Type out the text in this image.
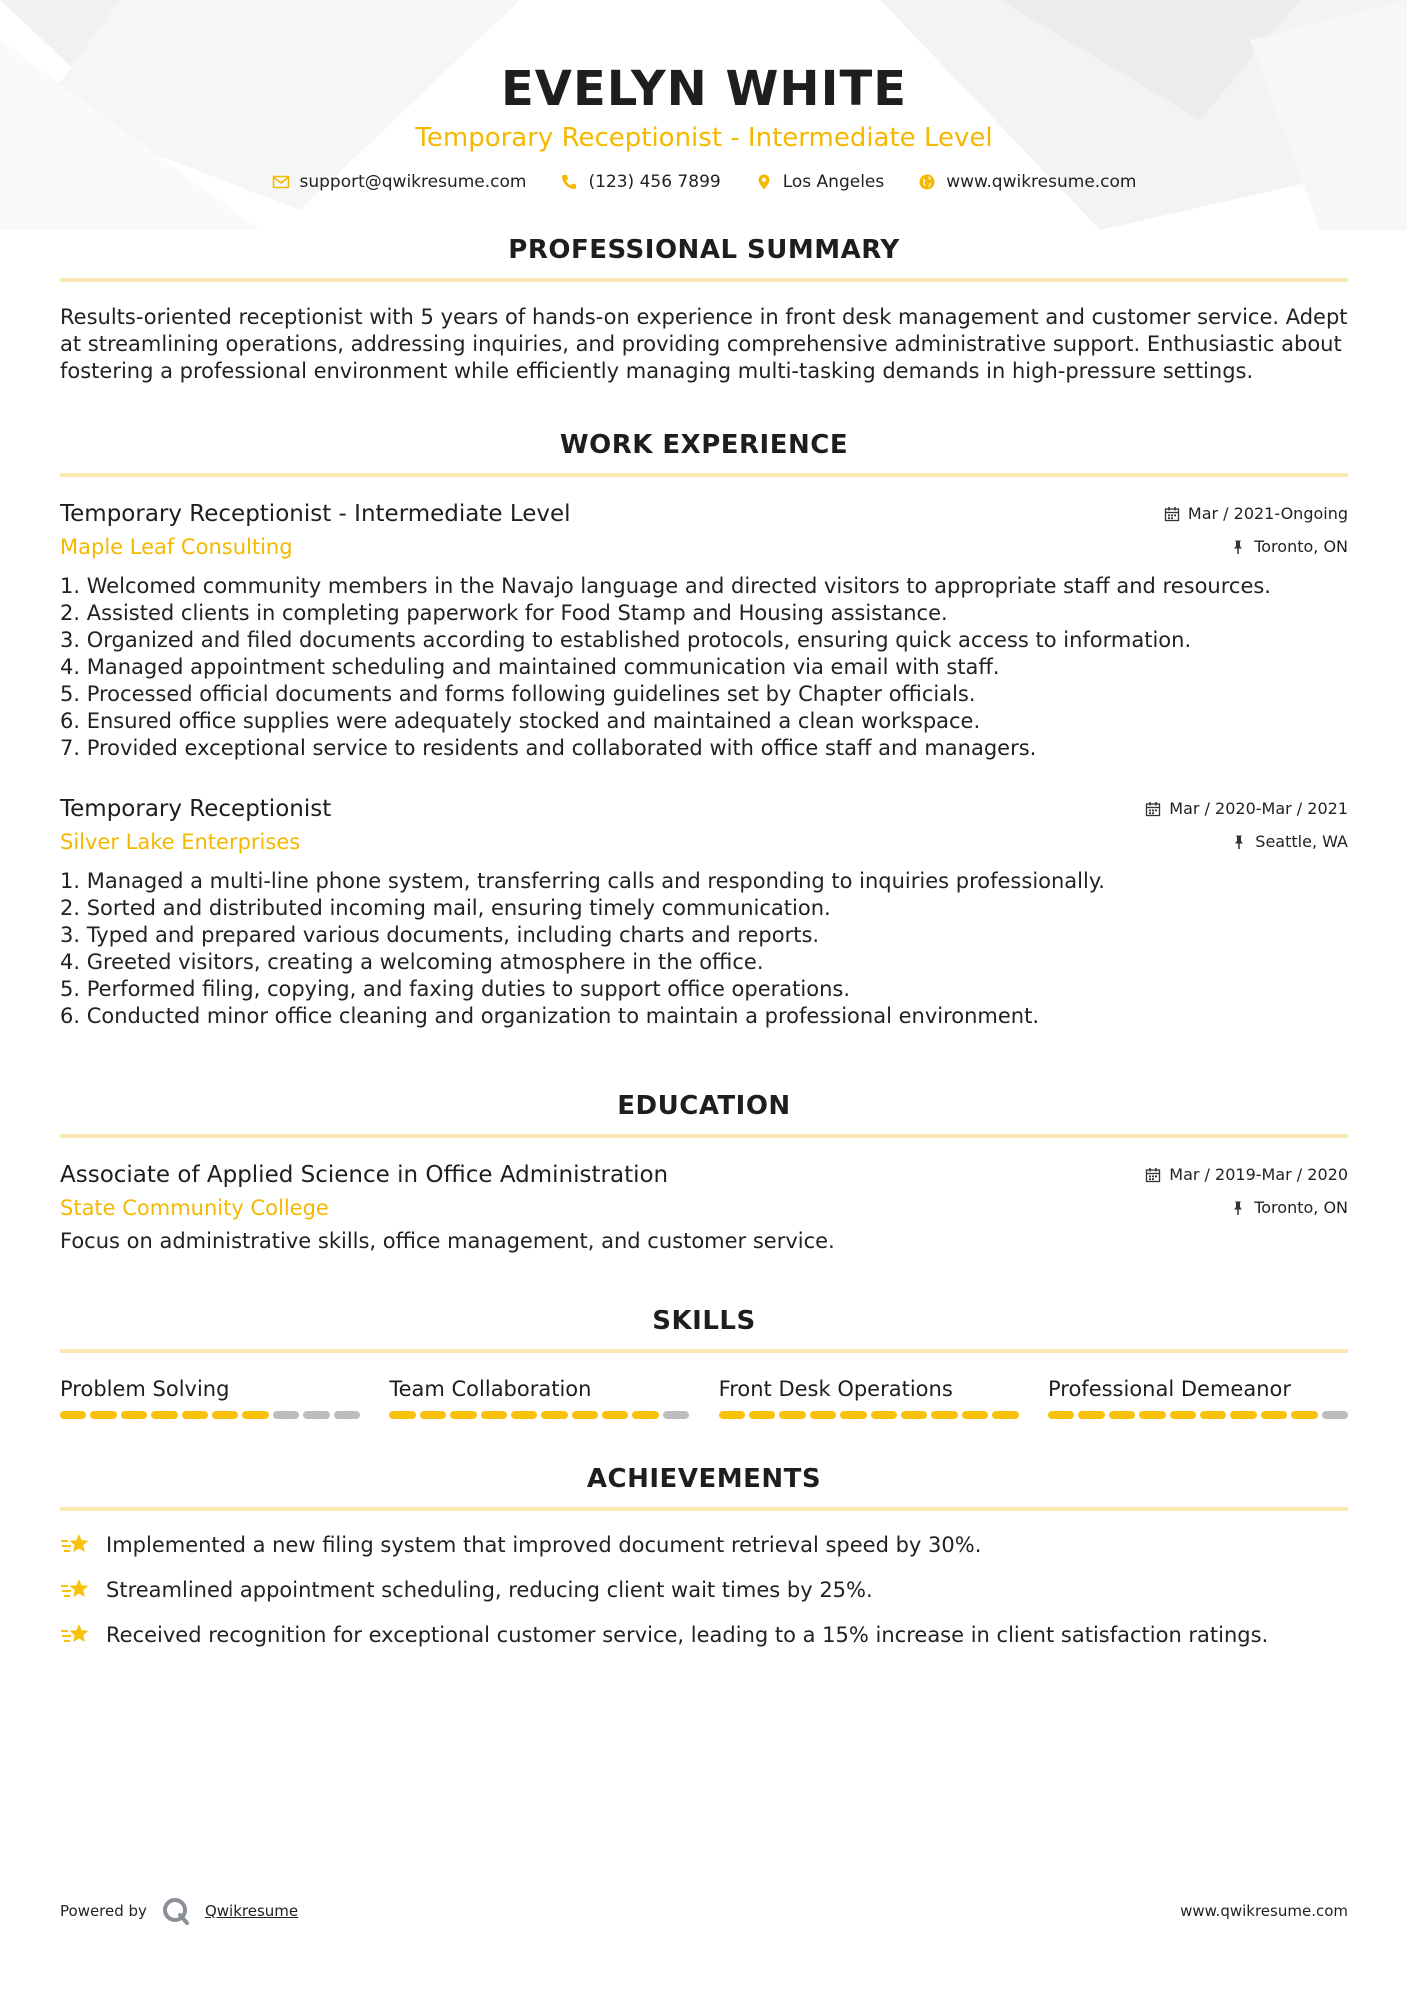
EVELYN WHITE
Temporary Receptionist - Intermediate Level
support@qwikresume.com	(123) 456 7899	Los Angeles	www.qwikresume.com
PROFESSIONAL SUMMARY
Results-oriented receptionist with 5 years of hands-on experience in front desk management and customer service. Adept at streamlining operations, addressing inquiries, and providing comprehensive administrative support. Enthusiastic about fostering a professional environment while efficiently managing multi-tasking demands in high-pressure settings.
WORK EXPERIENCE
Temporary Receptionist - Intermediate Level
Maple Leaf Consulting
Mar / 2021-Ongoing
Toronto, ON
1. Welcomed community members in the Navajo language and directed visitors to appropriate staff and resources.
2. Assisted clients in completing paperwork for Food Stamp and Housing assistance.
3. Organized and filed documents according to established protocols, ensuring quick access to information.
4. Managed appointment scheduling and maintained communication via email with staff.
5. Processed official documents and forms following guidelines set by Chapter officials.
6. Ensured office supplies were adequately stocked and maintained a clean workspace.
7. Provided exceptional service to residents and collaborated with office staff and managers.
Temporary Receptionist
Silver Lake Enterprises
Mar / 2020-Mar / 2021
Seattle, WA
1. Managed a multi-line phone system, transferring calls and responding to inquiries professionally.
2. Sorted and distributed incoming mail, ensuring timely communication.
3. Typed and prepared various documents, including charts and reports.
4. Greeted visitors, creating a welcoming atmosphere in the office.
5. Performed filing, copying, and faxing duties to support office operations.
6. Conducted minor office cleaning and organization to maintain a professional environment.
EDUCATION
Associate of Applied Science in Office Administration
State Community College
Mar / 2019-Mar / 2020
Toronto, ON
Focus on administrative skills, office management, and customer service.
SKILLS
Problem Solving	Team Collaboration	Front Desk Operations	Professional Demeanor
ACHIEVEMENTS
Implemented a new filing system that improved document retrieval speed by 30%.
Streamlined appointment scheduling, reducing client wait times by 25%.
Received recognition for exceptional customer service, leading to a 15% increase in client satisfaction ratings.
Powered by	Qwikresume	www.qwikresume.com
